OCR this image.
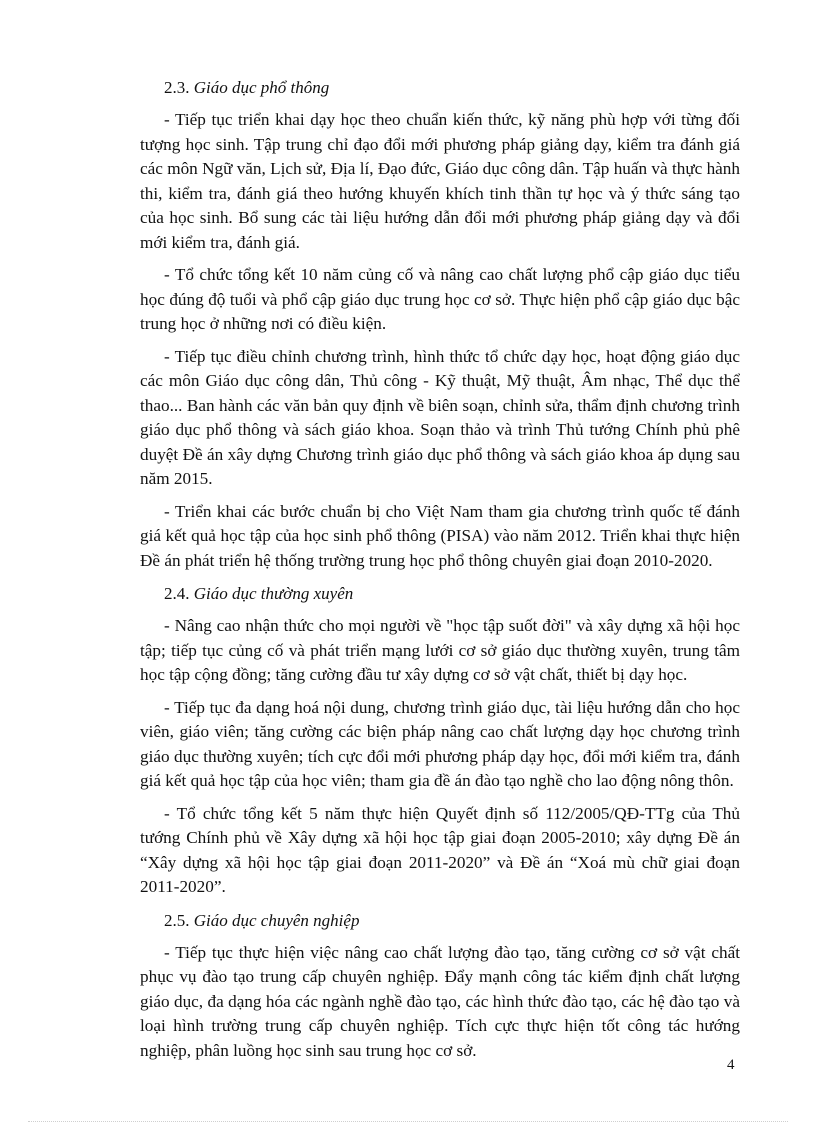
2.3. Giáo dục phổ thông

- Tiếp tục triển khai dạy học theo chuẩn kiến thức, kỹ năng phù hợp với từng đối tượng học sinh. Tập trung chỉ đạo đổi mới phương pháp giảng dạy, kiểm tra đánh giá các môn Ngữ văn, Lịch sử, Địa lí, Đạo đức, Giáo dục công dân. Tập huấn và thực hành thi, kiểm tra, đánh giá theo hướng khuyến khích tinh thần tự học và ý thức sáng tạo của học sinh. Bổ sung các tài liệu hướng dẫn đổi mới phương pháp giảng dạy và đổi mới kiểm tra, đánh giá.

- Tổ chức tổng kết 10 năm củng cố và nâng cao chất lượng phổ cập giáo dục tiểu học đúng độ tuổi và phổ cập giáo dục trung học cơ sở. Thực hiện phổ cập giáo dục bậc trung học ở những nơi có điều kiện.

- Tiếp tục điều chỉnh chương trình, hình thức tổ chức dạy học, hoạt động giáo dục các môn Giáo dục công dân, Thủ công - Kỹ thuật, Mỹ thuật, Âm nhạc, Thể dục thể thao... Ban hành các văn bản quy định về biên soạn, chỉnh sửa, thẩm định chương trình giáo dục phổ thông và sách giáo khoa. Soạn thảo và trình Thủ tướng Chính phủ phê duyệt Đề án xây dựng Chương trình giáo dục phổ thông và sách giáo khoa áp dụng sau năm 2015.

- Triển khai các bước chuẩn bị cho Việt Nam tham gia chương trình quốc tế đánh giá kết quả học tập của học sinh phổ thông (PISA) vào năm 2012. Triển khai thực hiện Đề án phát triển hệ thống trường trung học phổ thông chuyên giai đoạn 2010-2020.

2.4. Giáo dục thường xuyên

- Nâng cao nhận thức cho mọi người về "học tập suốt đời" và xây dựng xã hội học tập; tiếp tục củng cố và phát triển mạng lưới cơ sở giáo dục thường xuyên, trung tâm học tập cộng đồng; tăng cường đầu tư xây dựng cơ sở vật chất, thiết bị dạy học.

- Tiếp tục đa dạng hoá nội dung, chương trình giáo dục, tài liệu hướng dẫn cho học viên, giáo viên; tăng cường các biện pháp nâng cao chất lượng dạy học chương trình giáo dục thường xuyên; tích cực đổi mới phương pháp dạy học, đổi mới kiểm tra, đánh giá kết quả học tập của học viên; tham gia đề án đào tạo nghề cho lao động nông thôn.

- Tổ chức tổng kết 5 năm thực hiện Quyết định số 112/2005/QĐ-TTg của Thủ tướng Chính phủ về Xây dựng xã hội học tập giai đoạn 2005-2010; xây dựng Đề án “Xây dựng xã hội học tập giai đoạn 2011-2020” và Đề án “Xoá mù chữ giai đoạn 2011-2020”.

2.5. Giáo dục chuyên nghiệp

- Tiếp tục thực hiện việc nâng cao chất lượng đào tạo, tăng cường cơ sở vật chất phục vụ đào tạo trung cấp chuyên nghiệp. Đẩy mạnh công tác kiểm định chất lượng giáo dục, đa dạng hóa các ngành nghề đào tạo, các hình thức đào tạo, các hệ đào tạo và loại hình trường trung cấp chuyên nghiệp. Tích cực thực hiện tốt công tác hướng nghiệp, phân luồng học sinh sau trung học cơ sở.

4
